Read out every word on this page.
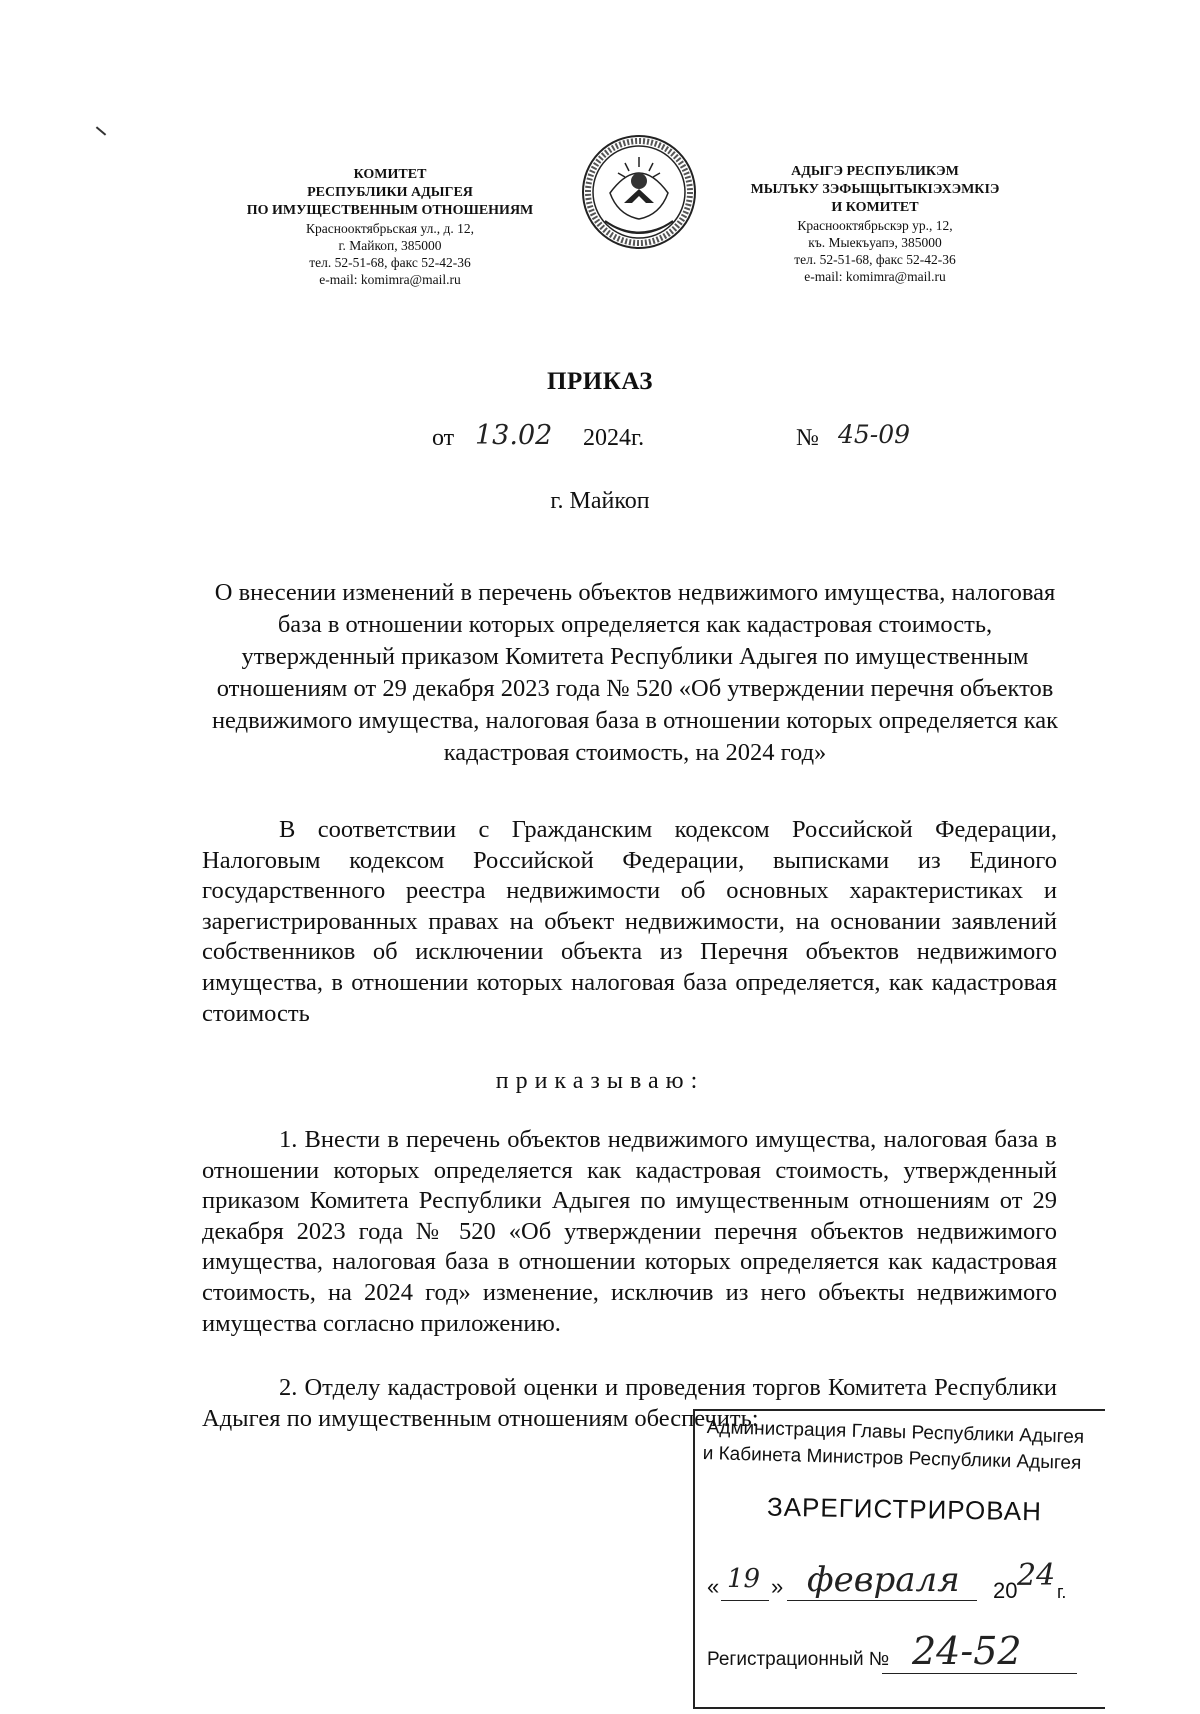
КОМИТЕТ
РЕСПУБЛИКИ АДЫГЕЯ
ПО ИМУЩЕСТВЕННЫМ ОТНОШЕНИЯМ
Краснооктябрьская ул., д. 12,
г. Майкоп, 385000
тел. 52-51-68, факс 52-42-36
e-mail: komimra@mail.ru
АДЫГЭ РЕСПУБЛИКЭМ
МЫЛЪКУ ЗЭФЫЩЫТЫКIЭХЭМКIЭ
И КОМИТЕТ
Краснооктябрьскэр ур., 12,
къ. Мыекъуапэ, 385000
тел. 52-51-68, факс 52-42-36
e-mail: komimra@mail.ru
ПРИКАЗ
от 13.02 2024г.	№ 45-09
г. Майкоп
О внесении изменений в перечень объектов недвижимого имущества, налоговая база в отношении которых определяется как кадастровая стоимость, утвержденный приказом Комитета Республики Адыгея по имущественным отношениям от 29 декабря 2023 года № 520 «Об утверждении перечня объектов недвижимого имущества, налоговая база в отношении которых определяется как кадастровая стоимость, на 2024 год»
В соответствии с Гражданским кодексом Российской Федерации, Налоговым кодексом Российской Федерации, выписками из Единого государственного реестра недвижимости об основных характеристиках и зарегистрированных правах на объект недвижимости, на основании заявлений собственников об исключении объекта из Перечня объектов недвижимого имущества, в отношении которых налоговая база определяется, как кадастровая стоимость
приказываю:
1. Внести в перечень объектов недвижимого имущества, налоговая база в отношении которых определяется как кадастровая стоимость, утвержденный приказом Комитета Республики Адыгея по имущественным отношениям от 29 декабря 2023 года № 520 «Об утверждении перечня объектов недвижимого имущества, налоговая база в отношении которых определяется как кадастровая стоимость, на 2024 год» изменение, исключив из него объекты недвижимого имущества согласно приложению.
2. Отделу кадастровой оценки и проведения торгов Комитета Республики Адыгея по имущественным отношениям обеспечить:
Администрация Главы Республики Адыгея
и Кабинета Министров Республики Адыгея
ЗАРЕГИСТРИРОВАН
« 19 » февраля 20 24 г.
Регистрационный № 24-52
